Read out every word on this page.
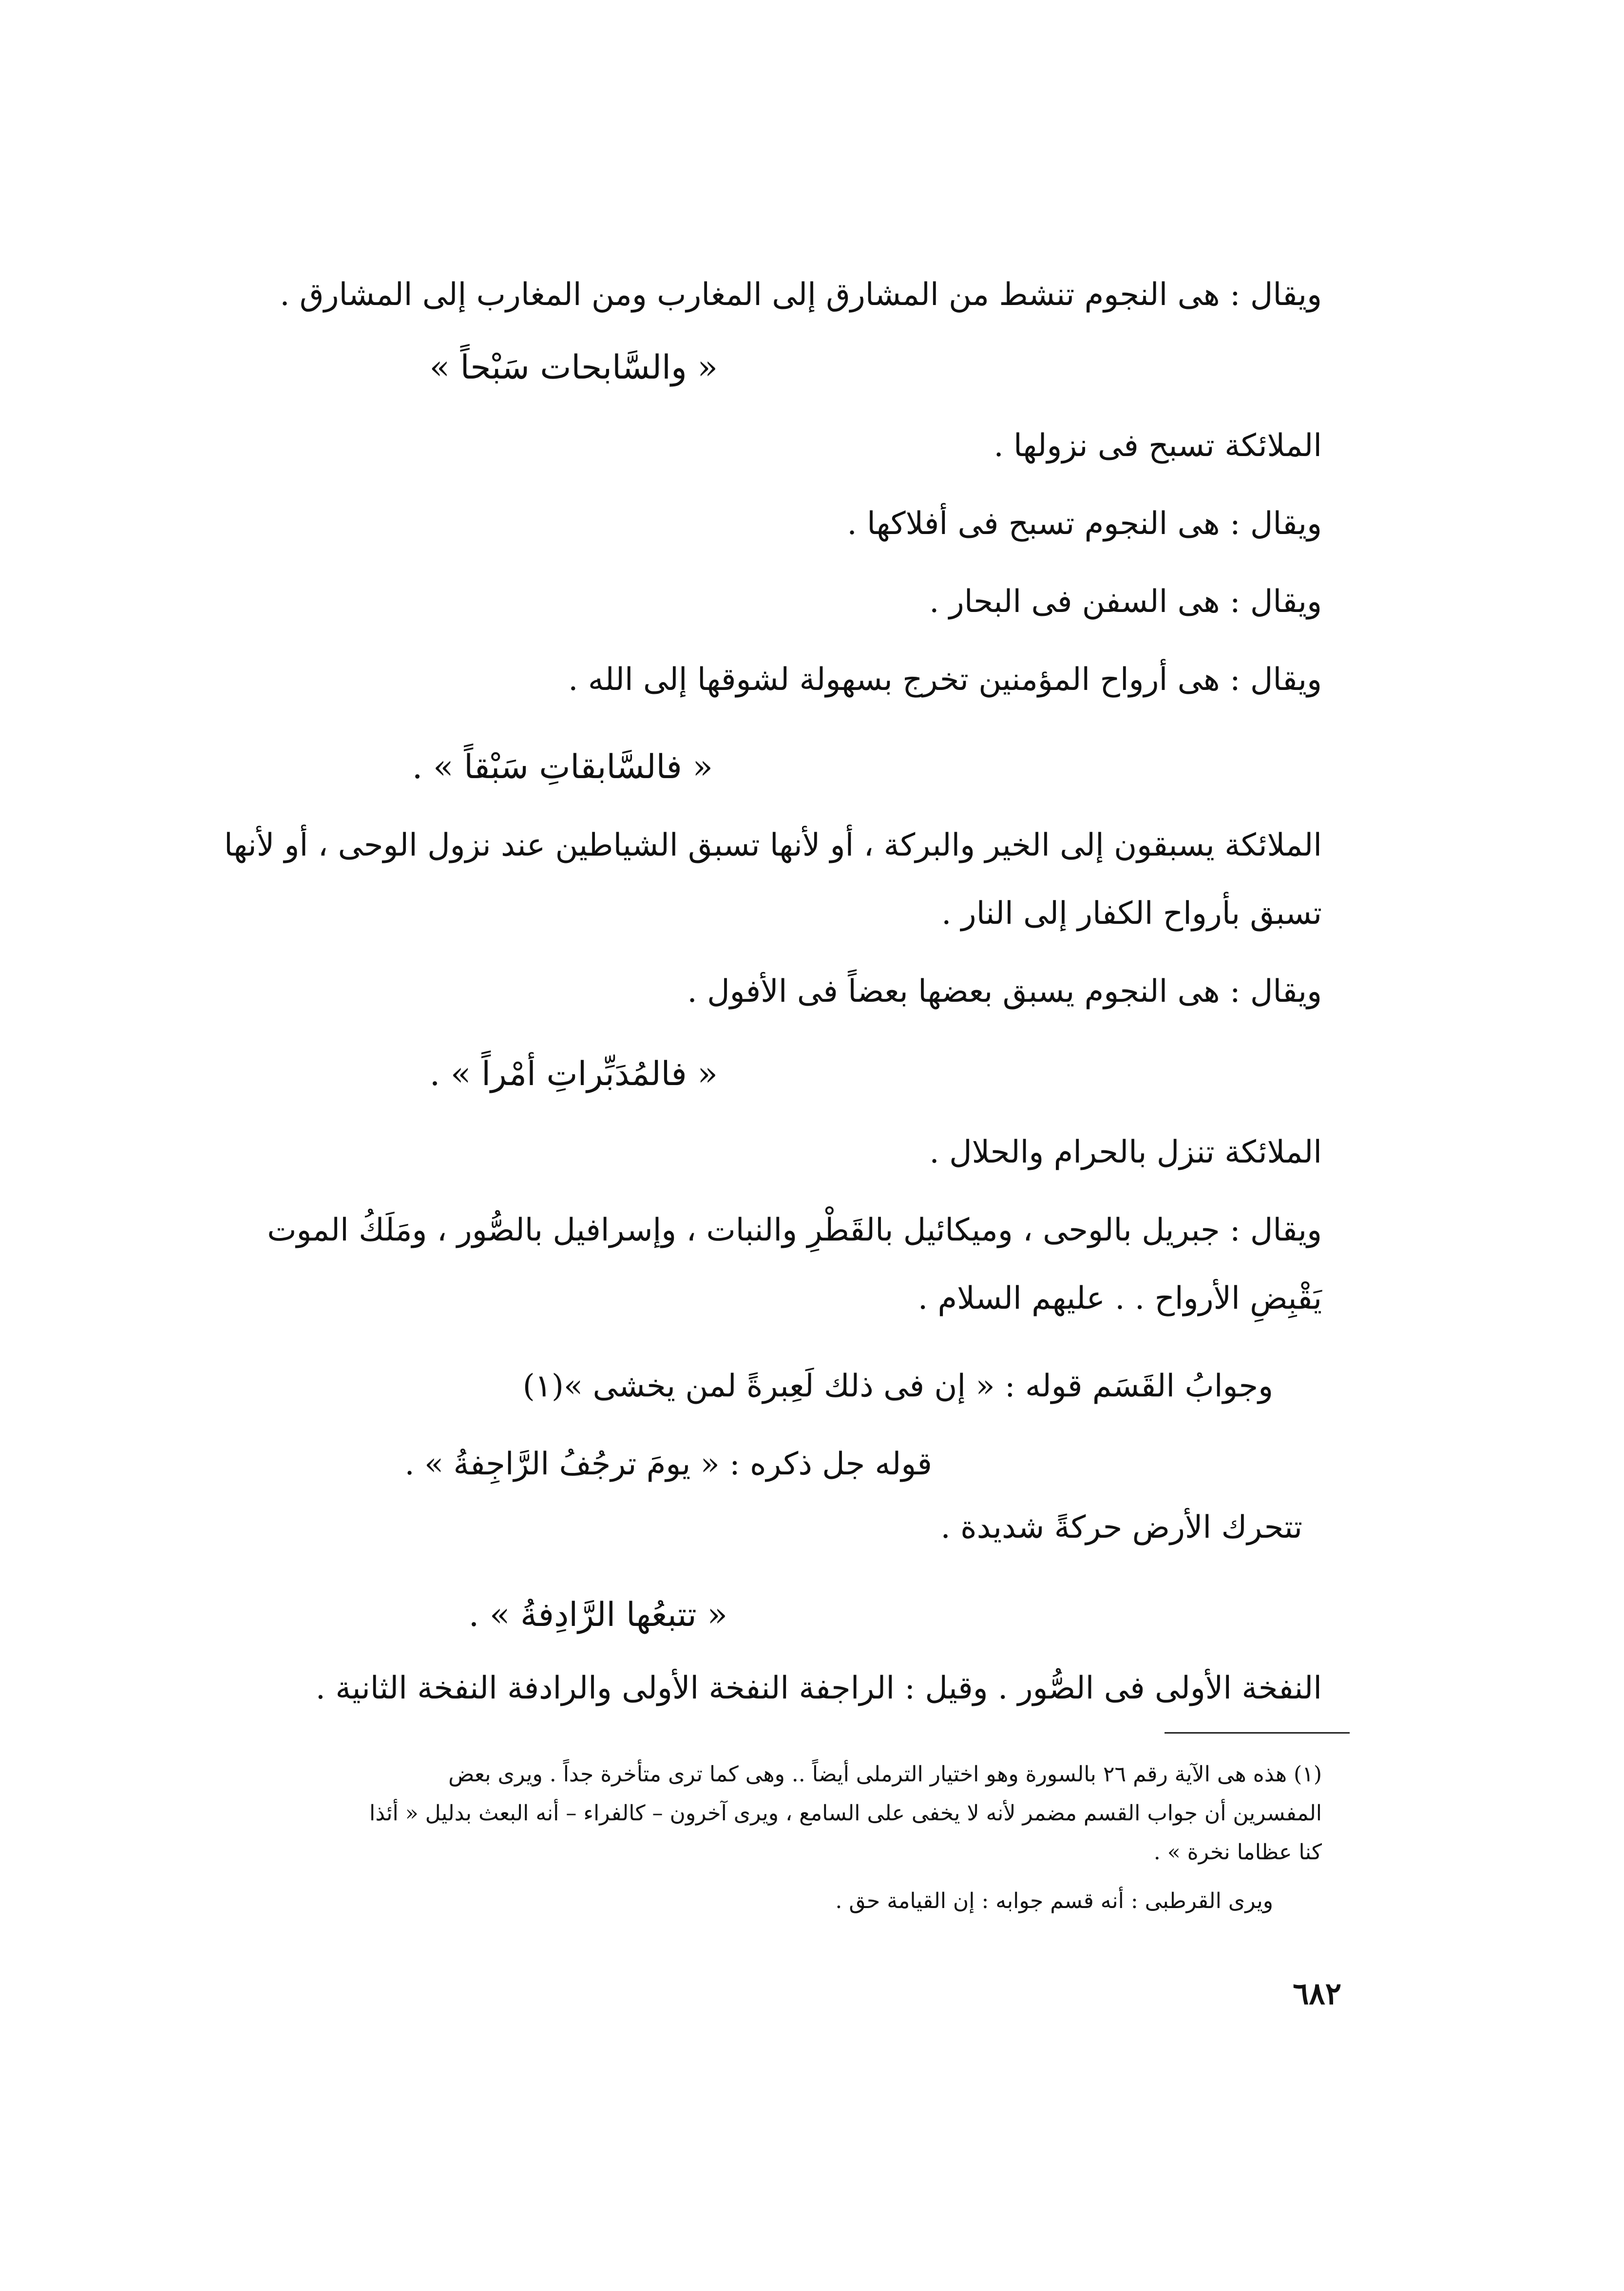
ويقال : هى النجوم تنشط من المشارق إلى المغارب ومن المغارب إلى المشارق .
« والسَّابحات سَبْحاً »
الملائكة تسبح فى نزولها .
ويقال : هى النجوم تسبح فى أفلاكها .
ويقال : هى السفن فى البحار .
ويقال : هى أرواح المؤمنين تخرج بسهولة لشوقها إلى الله .
« فالسَّابقاتِ سَبْقاً » .
الملائكة يسبقون إلى الخير والبركة ، أو لأنها تسبق الشياطين عند نزول الوحى ، أو لأنها
تسبق بأرواح الكفار إلى النار .
ويقال : هى النجوم يسبق بعضها بعضاً فى الأفول .
« فالمُدَبِّراتِ أمْراً » .
الملائكة تنزل بالحرام والحلال .
ويقال : جبريل بالوحى ، وميكائيل بالقَطْرِ والنبات ، وإسرافيل بالصُّور ، ومَلَكُ الموت
يَقْبِضِ الأرواح . . عليهم السلام .
وجوابُ القَسَم قوله : « إن فى ذلك لَعِبرةً لمن يخشى »(١)
قوله جل ذكره : « يومَ ترجُفُ الرَّاجِفةُ » .
تتحرك الأرض حركةً شديدة .
« تتبعُها الرَّادِفةُ » .
النفخة الأولى فى الصُّور . وقيل : الراجفة النفخة الأولى والرادفة النفخة الثانية .
(١) هذه هى الآية رقم ٢٦ بالسورة وهو اختيار الترملى أيضاً .. وهى كما ترى متأخرة جداً . ويرى بعض
المفسرين أن جواب القسم مضمر لأنه لا يخفى على السامع ، ويرى آخرون – كالفراء – أنه البعث بدليل « أئذا
كنا عظاما نخرة » .
ويرى القرطبى : أنه قسم جوابه : إن القيامة حق .
٦٨٢
